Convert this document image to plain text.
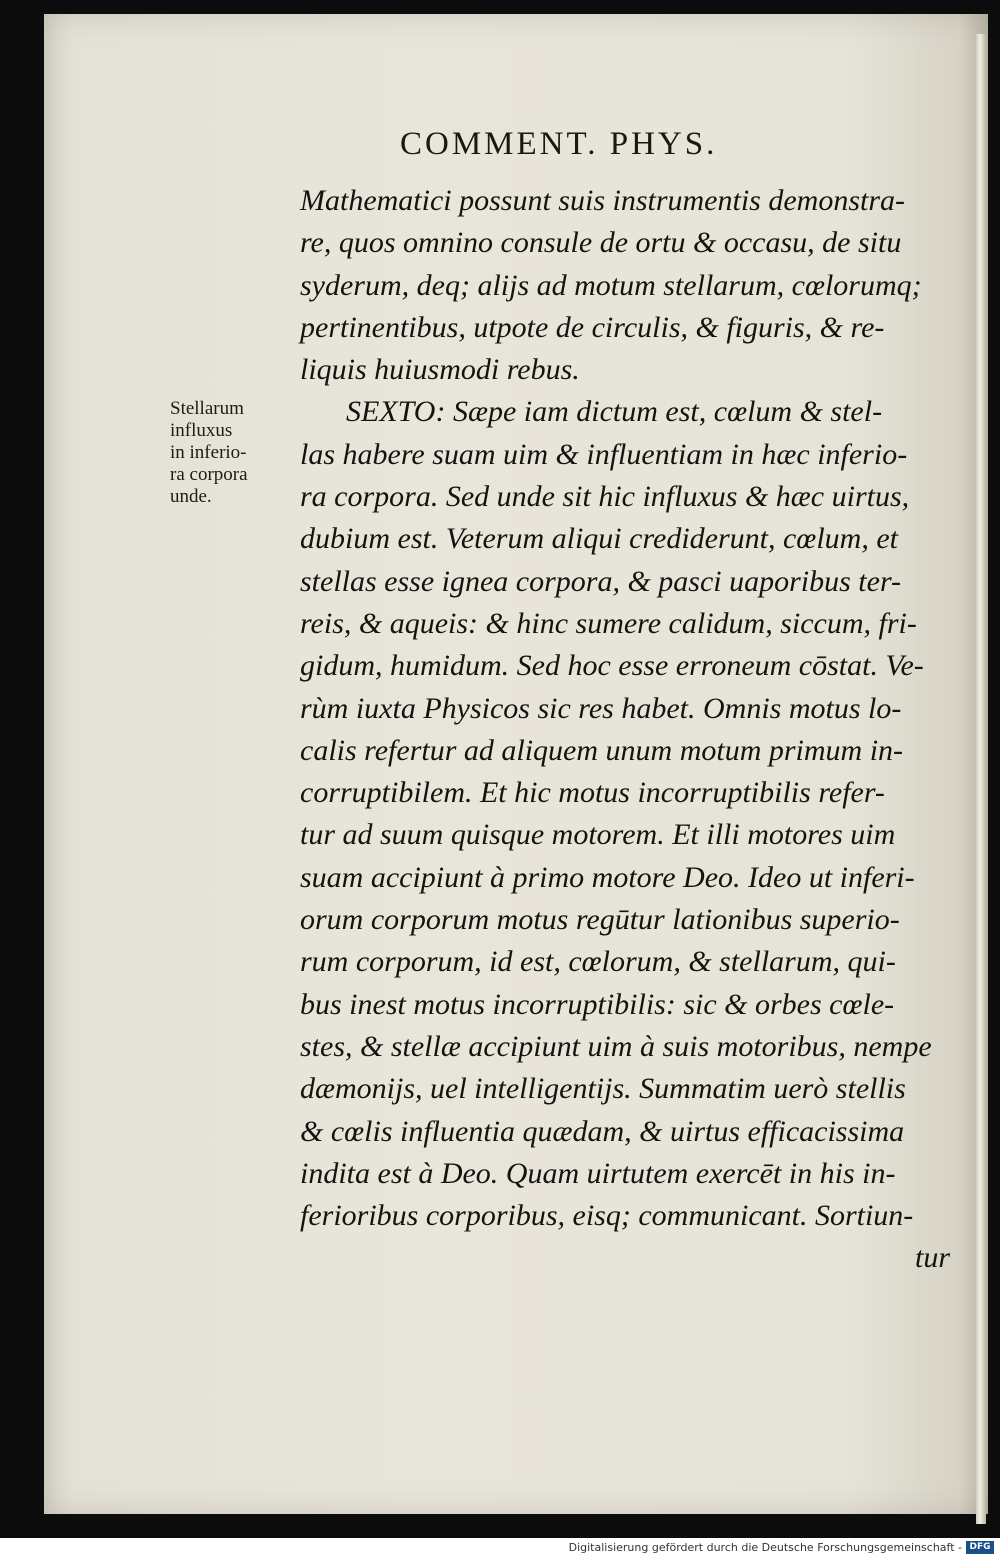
COMMENT. PHYS.
Stellarum
influxus
in inferio-
ra corpora
unde.
Mathematici possunt suis instrumentis demonstra-
re, quos omnino consule de ortu & occasu, de situ
syderum, deq; alijs ad motum stellarum, cœlorumq;
pertinentibus, utpote de circulis, & figuris, & re-
liquis huiusmodi rebus.
SEXTO: Sæpe iam dictum est, cœlum & stel-
las habere suam uim & influentiam in hæc inferio-
ra corpora. Sed unde sit hic influxus & hæc uirtus,
dubium est. Veterum aliqui crediderunt, cœlum, et
stellas esse ignea corpora, & pasci uaporibus ter-
reis, & aqueis: & hinc sumere calidum, siccum, fri-
gidum, humidum. Sed hoc esse erroneum cōstat. Ve-
rùm iuxta Physicos sic res habet. Omnis motus lo-
calis refertur ad aliquem unum motum primum in-
corruptibilem. Et hic motus incorruptibilis refer-
tur ad suum quisque motorem. Et illi motores uim
suam accipiunt à primo motore Deo. Ideo ut inferi-
orum corporum motus regūtur lationibus superio-
rum corporum, id est, cœlorum, & stellarum, qui-
bus inest motus incorruptibilis: sic & orbes cœle-
stes, & stellæ accipiunt uim à suis motoribus, nempe
dæmonijs, uel intelligentijs. Summatim uerò stellis
& cœlis influentia quædam, & uirtus efficacissima
indita est à Deo. Quam uirtutem exercēt in his in-
ferioribus corporibus, eisq; communicant. Sortiun-
tur
Digitalisierung gefördert durch die Deutsche Forschungsgemeinschaft - DFG
